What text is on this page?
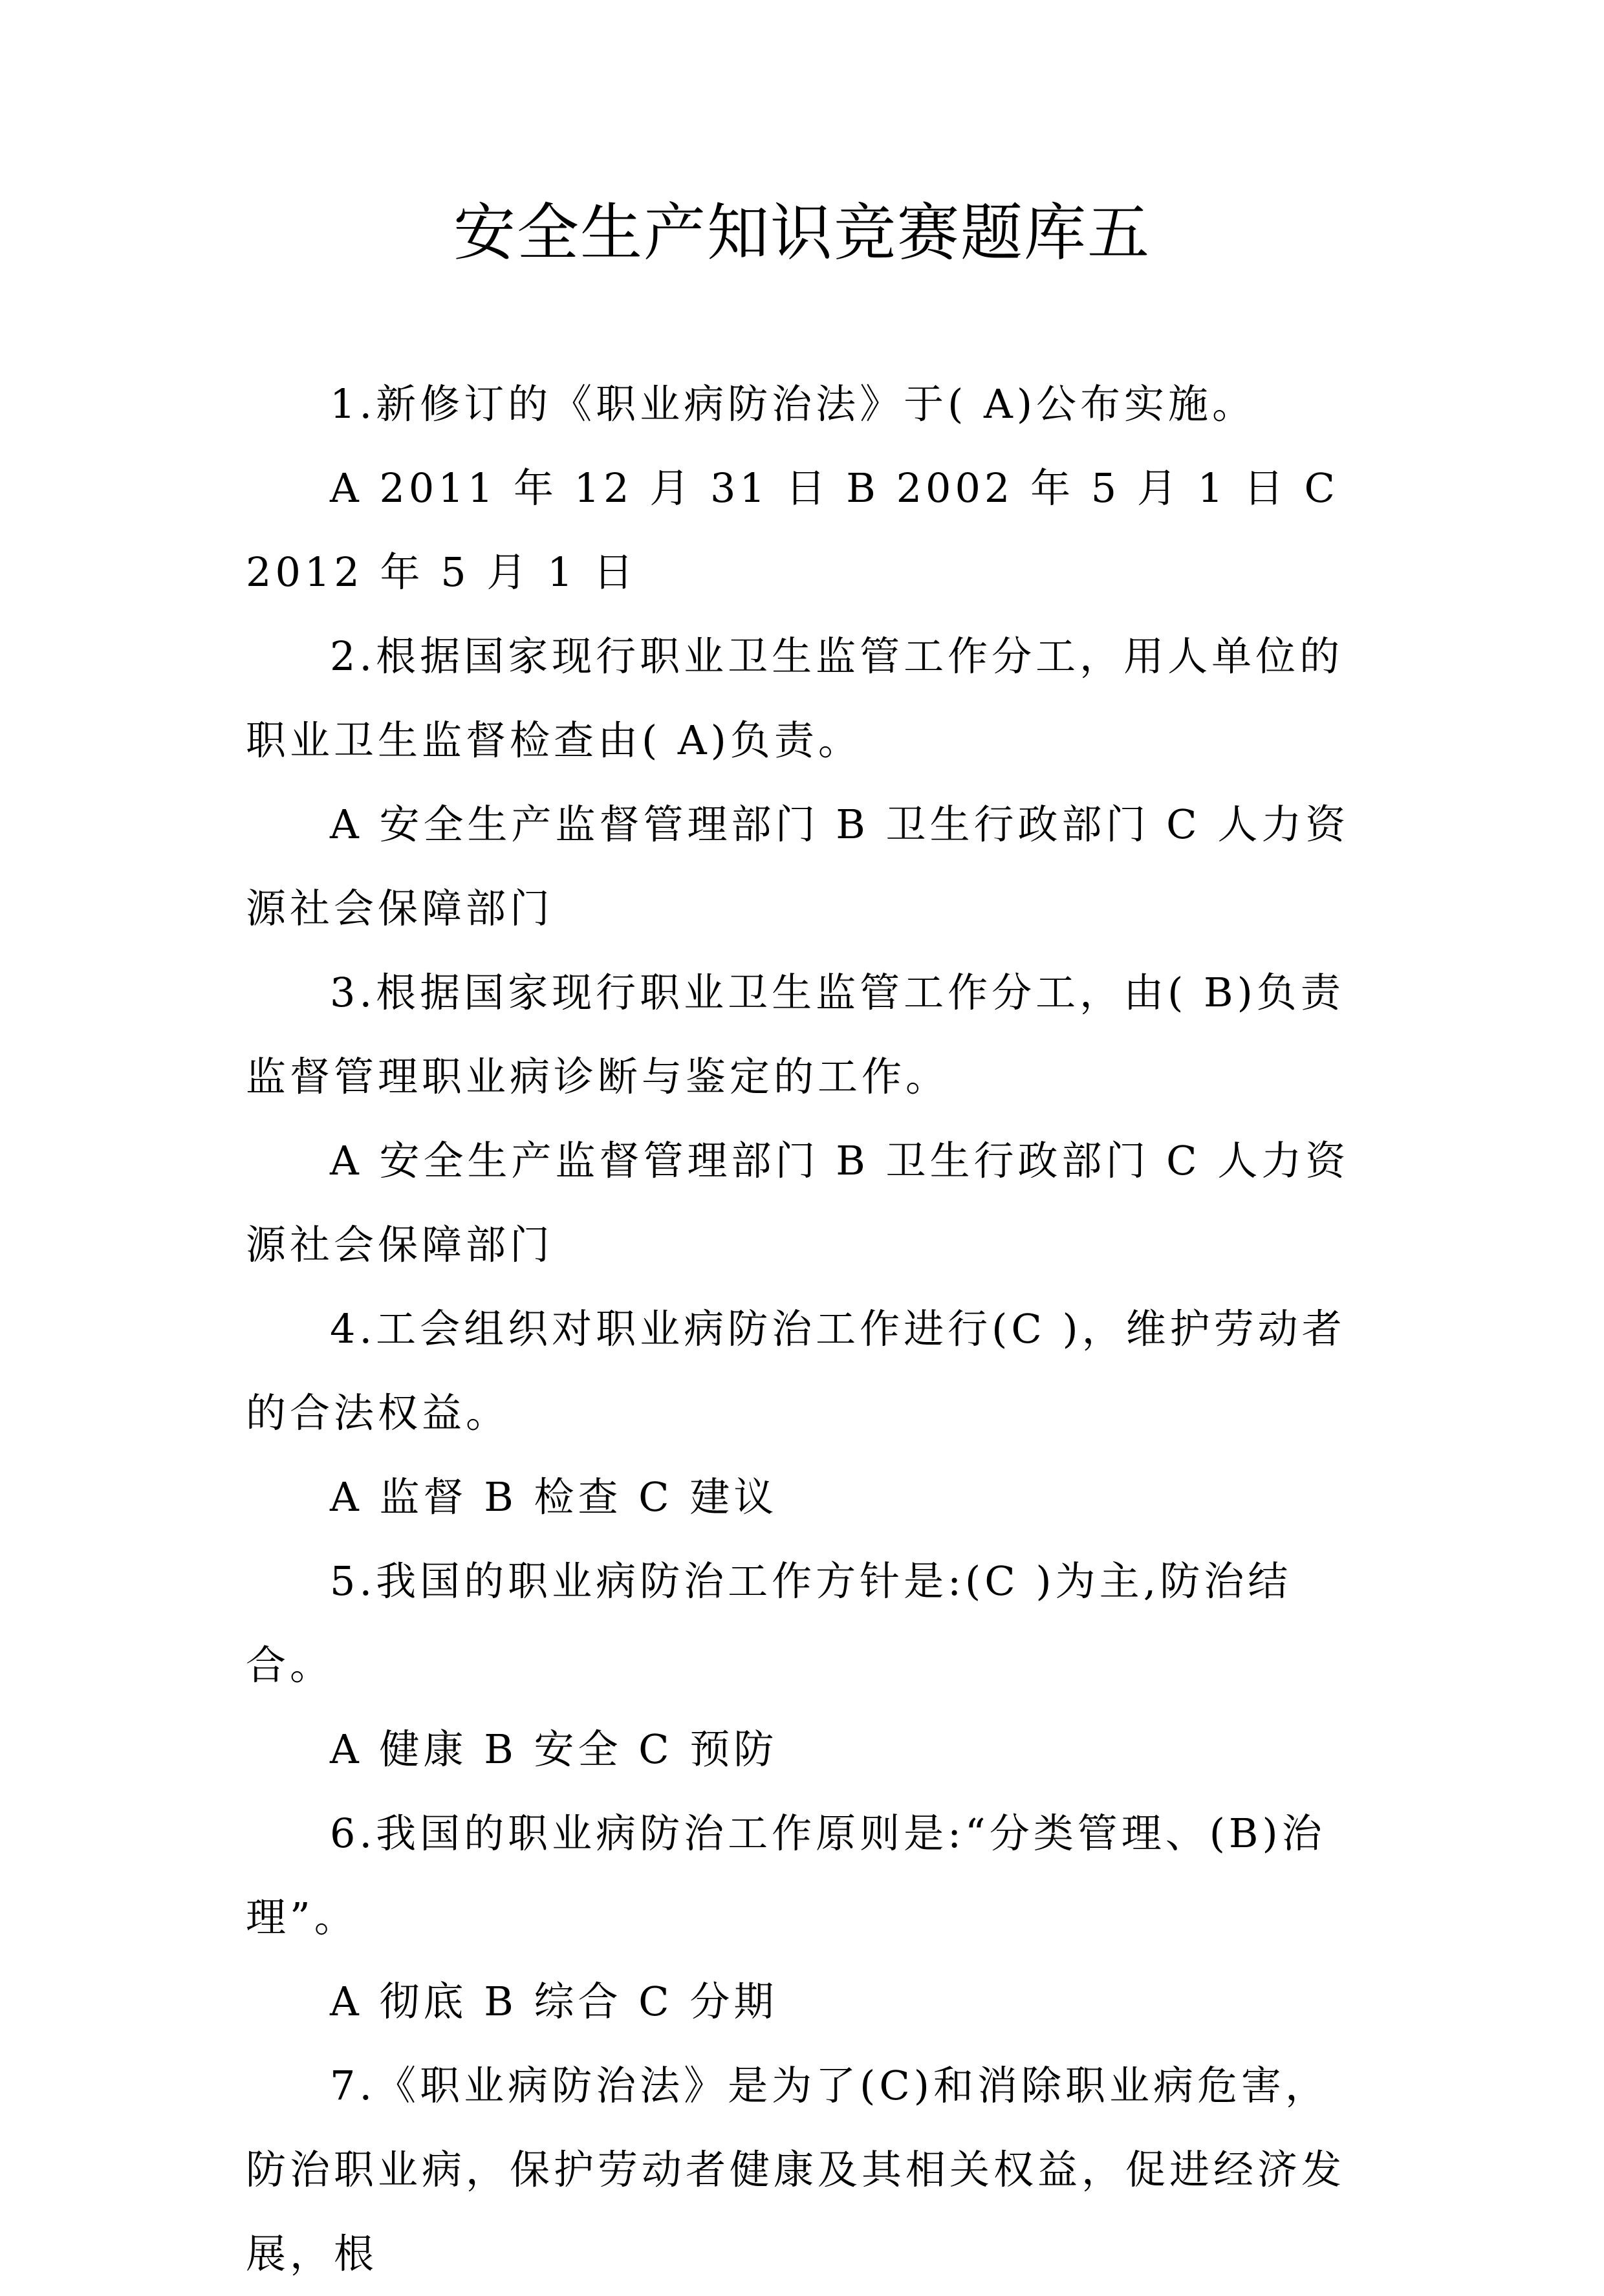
安全生产知识竞赛题库五

1.新修订的《职业病防治法》于( A)公布实施。

A 2011 年 12 月 31 日 B 2002 年 5 月 1 日 C 2012 年 5 月 1 日

2.根据国家现行职业卫生监管工作分工，用人单位的职业卫生监督检查由( A)负责。

A 安全生产监督管理部门 B 卫生行政部门 C 人力资源社会保障部门

3.根据国家现行职业卫生监管工作分工，由( B)负责监督管理职业病诊断与鉴定的工作。

A 安全生产监督管理部门 B 卫生行政部门 C 人力资源社会保障部门

4.工会组织对职业病防治工作进行(C )，维护劳动者的合法权益。

A 监督 B 检查 C 建议

5.我国的职业病防治工作方针是:(C )为主,防治结合。

A 健康 B 安全 C 预防

6.我国的职业病防治工作原则是:“分类管理、(B)治理”。

A 彻底 B 综合 C 分期

7.《职业病防治法》是为了(C)和消除职业病危害，防治职业病，保护劳动者健康及其相关权益，促进经济发展，根
